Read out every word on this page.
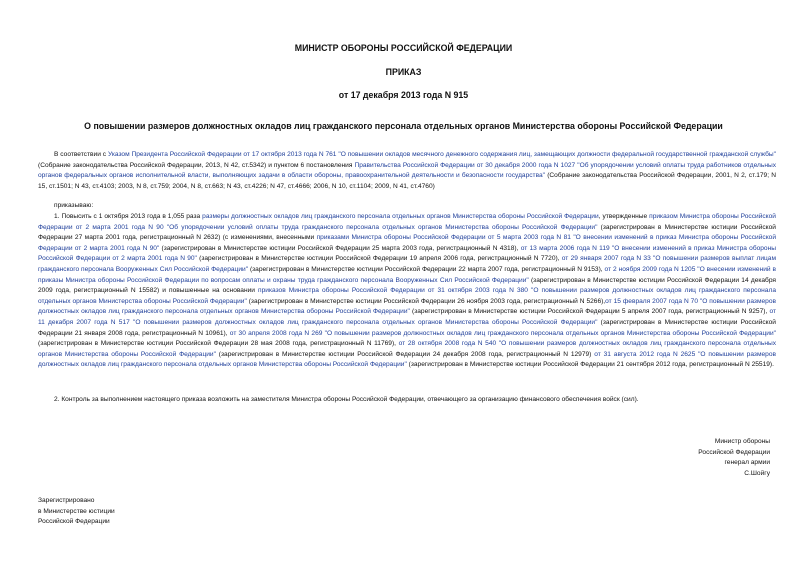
МИНИСТР ОБОРОНЫ РОССИЙСКОЙ ФЕДЕРАЦИИ
ПРИКАЗ
от 17 декабря 2013 года N 915
О повышении размеров должностных окладов лиц гражданского персонала отдельных органов Министерства обороны Российской Федерации

В соответствии с Указом Президента Российской Федерации от 17 октября 2013 года N 761 "О повышении окладов месячного денежного содержания лиц, замещающих должности федеральной государственной гражданской службы" (Собрание законодательства Российской Федерации, 2013, N 42, ст.5342) и пунктом 6 постановления Правительства Российской Федерации от 30 декабря 2000 года N 1027 "Об упорядочении условий оплаты труда работников отдельных органов федеральных органов исполнительной власти, выполняющих задачи в области обороны, правоохранительной деятельности и безопасности государства" (Собрание законодательства Российской Федерации, 2001, N 2, ст.179; N 15, ст.1501; N 43, ст.4103; 2003, N 8, ст.759; 2004, N 8, ст.663; N 43, ст.4226; N 47, ст.4666; 2006, N 10, ст.1104; 2009, N 41, ст.4760)

приказываю:

1. Повысить с 1 октября 2013 года в 1,055 раза размеры должностных окладов лиц гражданского персонала отдельных органов Министерства обороны Российской Федерации, утвержденные приказом Министра обороны Российской Федерации от 2 марта 2001 года N 90 "Об упорядочении условий оплаты труда гражданского персонала отдельных органов Министерства обороны Российской Федерации" (зарегистрирован в Министерстве юстиции Российской Федерации 27 марта 2001 года, регистрационный N 2632) (с изменениями, внесенными приказами Министра обороны Российской Федерации от 5 марта 2003 года N 81 "О внесении изменений в приказ Министра обороны Российской Федерации от 2 марта 2001 года N 90" (зарегистрирован в Министерстве юстиции Российской Федерации 25 марта 2003 года, регистрационный N 4318), от 13 марта 2006 года N 119 "О внесении изменений в приказ Министра обороны Российской Федерации от 2 марта 2001 года N 90" (зарегистрирован в Министерстве юстиции Российской Федерации 19 апреля 2006 года, регистрационный N 7720), от 29 января 2007 года N 33 "О повышении размеров выплат лицам гражданского персонала Вооруженных Сил Российской Федерации" (зарегистрирован в Министерстве юстиции Российской Федерации 22 марта 2007 года, регистрационный N 9153), от 2 ноября 2009 года N 1205 "О внесении изменений в приказы Министра обороны Российской Федерации по вопросам оплаты и охраны труда гражданского персонала Вооруженных Сил Российской Федерации" (зарегистрирован в Министерстве юстиции Российской Федерации 14 декабря 2009 года, регистрационный N 15582) и повышенные на основании приказов Министра обороны Российской Федерации от 31 октября 2003 года N 380 "О повышении размеров должностных окладов лиц гражданского персонала отдельных органов Министерства обороны Российской Федерации" (зарегистрирован в Министерстве юстиции Российской Федерации 26 ноября 2003 года, регистрационный N 5266),от 15 февраля 2007 года N 70 "О повышении размеров должностных окладов лиц гражданского персонала отдельных органов Министерства обороны Российской Федерации" (зарегистрирован в Министерстве юстиции Российской Федерации 5 апреля 2007 года, регистрационный N 9257), от 11 декабря 2007 года N 517 "О повышении размеров должностных окладов лиц гражданского персонала отдельных органов Министерства обороны Российской Федерации" (зарегистрирован в Министерстве юстиции Российской Федерации 21 января 2008 года, регистрационный N 10961), от 30 апреля 2008 года N 269 "О повышении размеров должностных окладов лиц гражданского персонала отдельных органов Министерства обороны Российской Федерации" (зарегистрирован в Министерстве юстиции Российской Федерации 28 мая 2008 года, регистрационный N 11769), от 28 октября 2008 года N 540 "О повышении размеров должностных окладов лиц гражданского персонала отдельных органов Министерства обороны Российской Федерации" (зарегистрирован в Министерстве юстиции Российской Федерации 24 декабря 2008 года, регистрационный N 12979) от 31 августа 2012 года N 2625 "О повышении размеров должностных окладов лиц гражданского персонала отдельных органов Министерства обороны Российской Федерации" (зарегистрирован в Министерстве юстиции Российской Федерации 21 сентября 2012 года, регистрационный N 25519).

2. Контроль за выполнением настоящего приказа возложить на заместителя Министра обороны Российской Федерации, отвечающего за организацию финансового обеспечения войск (сил).

Министр обороны
Российской Федерации
генерал армии
С.Шойгу
Зарегистрировано
в Министерстве юстиции
Российской Федерации
